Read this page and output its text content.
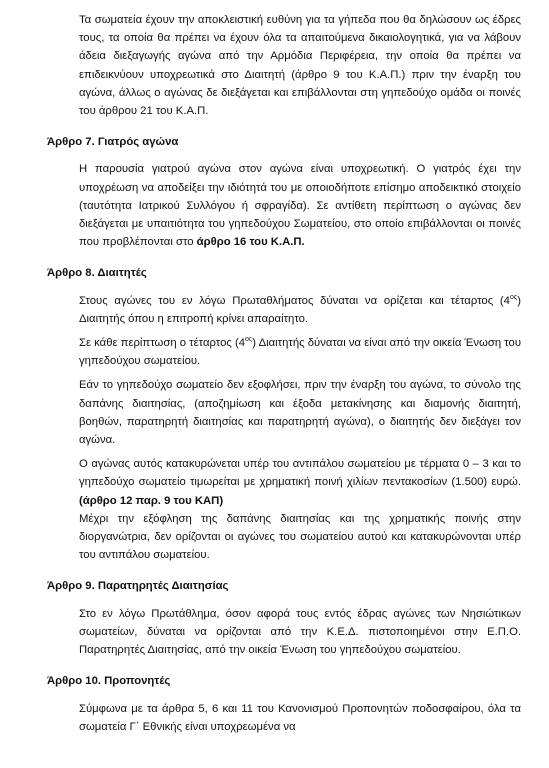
Τα σωματεία έχουν την αποκλειστική ευθύνη για τα γήπεδα που θα δηλώσουν ως έδρες τους, τα οποία θα πρέπει να έχουν όλα τα απαιτούμενα δικαιολογητικά, για να λάβουν άδεια διεξαγωγής αγώνα από την Αρμόδια Περιφέρεια, την οποία θα πρέπει να επιδεικνύουν υποχρεωτικά στο Διαιτητή (άρθρο 9 του Κ.Α.Π.) πριν την έναρξη του αγώνα, άλλως ο αγώνας δε διεξάγεται και επιβάλλονται στη γηπεδούχο ομάδα οι ποινές του άρθρου 21 του Κ.Α.Π.

Άρθρο 7. Γιατρός αγώνα

Η παρουσία γιατρού αγώνα στον αγώνα είναι υποχρεωτική. Ο γιατρός έχει την υποχρέωση να αποδείξει την ιδιότητά του με οποιοδήποτε επίσημο αποδεικτικό στοιχείο (ταυτότητα Ιατρικού Συλλόγου ή σφραγίδα). Σε αντίθετη περίπτωση ο αγώνας δεν διεξάγεται με υπαιτιότητα του γηπεδούχου Σωματείου, στο οποίο επιβάλλονται οι ποινές που προβλέπονται στο άρθρο 16 του Κ.Α.Π.

Άρθρο 8. Διαιτητές

Στους αγώνες του εν λόγω Πρωταθλήματος δύναται να ορίζεται και τέταρτος $(4^{o\varsigma})$ Διαιτητής όπου η επιτροπή κρίνει απαραίτητο.

Σε κάθε περίπτωση ο τέταρτος $(4^{o\varsigma})$ Διαιτητής δύναται να είναι από την οικεία Ένωση του γηπεδούχου σωματείου.

Εάν το γηπεδούχο σωματείο δεν εξοφλήσει, πριν την έναρξη του αγώνα, το σύνολο της δαπάνης διαιτησίας, (αποζημίωση και έξοδα μετακίνησης και διαμονής διαιτητή, βοηθών, παρατηρητή διαιτησίας και παρατηρητή αγώνα), ο διαιτητής δεν διεξάγει τον αγώνα.

Ο αγώνας αυτός κατακυρώνεται υπέρ του αντιπάλου σωματείου με τέρματα 0 – 3 και το γηπεδούχο σωματείο τιμωρείται με χρηματική ποινή χιλίων πεντακοσίων (1.500) ευρώ. (άρθρο 12 παρ. 9 του ΚΑΠ)

Μέχρι την εξόφληση της δαπάνης διαιτησίας και της χρηματικής ποινής στην διοργανώτρια, δεν ορίζονται οι αγώνες του σωματείου αυτού και κατακυρώνονται υπέρ του αντιπάλου σωματείου.

Άρθρο 9. Παρατηρητές Διαιτησίας

Στο εν λόγω Πρωτάθλημα, όσον αφορά τους εντός έδρας αγώνες των Νησιώτικων σωματείων, δύναται να ορίζονται από την Κ.Ε.Δ. πιστοποιημένοι στην Ε.Π.Ο. Παρατηρητές Διαιτησίας, από την οικεία Ένωση του γηπεδούχου σωματείου.

Άρθρο 10. Προπονητές

Σύμφωνα με τα άρθρα 5, 6 και 11 του Κανονισμού Προπονητών ποδοσφαίρου, όλα τα σωματεία Γ΄ Εθνικής είναι υποχρεωμένα να
